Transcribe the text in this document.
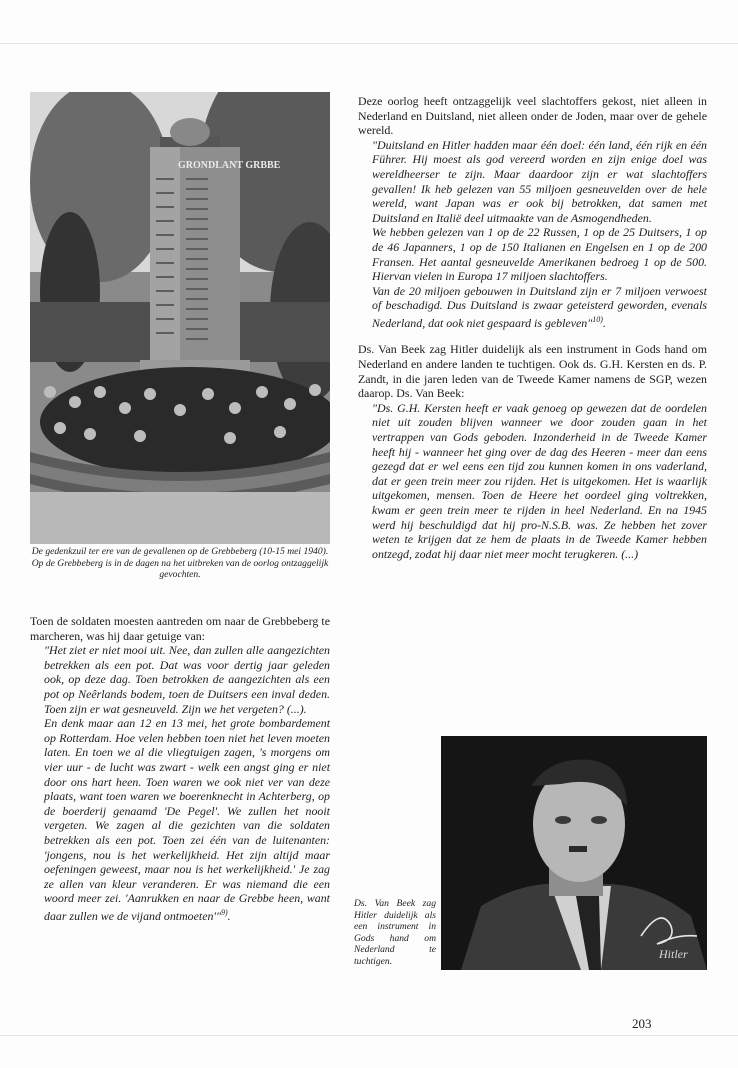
GRONDLANT GRBBE
De gedenkzuil ter ere van de gevallenen op de Grebbeberg (10-15 mei 1940). Op de Grebbeberg is in de dagen na het uitbreken van de oorlog ontzaggelijk gevochten.

Toen de soldaten moesten aantreden om naar de Grebbeberg te marcheren, was hij daar getuige van:

"Het ziet er niet mooi uit. Nee, dan zullen alle aangezichten betrekken als een pot. Dat was voor dertig jaar geleden ook, op deze dag. Toen betrokken de aangezichten als een pot op Neêrlands bodem, toen de Duitsers een inval deden. Toen zijn er wat gesneuveld. Zijn we het vergeten? (...).

En denk maar aan 12 en 13 mei, het grote bombardement op Rotterdam. Hoe velen hebben toen niet het leven moeten laten. En toen we al die vliegtuigen zagen, 's morgens om vier uur - de lucht was zwart - welk een angst ging er niet door ons hart heen. Toen waren we ook niet ver van deze plaats, want toen waren we boerenknecht in Achterberg, op de boerderij genaamd 'De Pegel'. We zullen het nooit vergeten. We zagen al die gezichten van die soldaten betrekken als een pot. Toen zei één van de luitenanten: 'jongens, nou is het werkelijkheid. Het zijn altijd maar oefeningen geweest, maar nou is het werkelijkheid.' Je zag ze allen van kleur veranderen. Er was niemand die een woord meer zei. 'Aanrukken en naar de Grebbe heen, want daar zullen we de vijand ontmoeten'"$^{9)}$.

Deze oorlog heeft ontzaggelijk veel slachtoffers gekost, niet alleen in Nederland en Duitsland, niet alleen onder de Joden, maar over de gehele wereld.

"Duitsland en Hitler hadden maar één doel: één land, één rijk en één Führer. Hij moest als god vereerd worden en zijn enige doel was wereldheerser te zijn. Maar daardoor zijn er wat slachtoffers gevallen! Ik heb gelezen van 55 miljoen gesneuvelden over de hele wereld, want Japan was er ook bij betrokken, dat samen met Duitsland en Italië deel uitmaakte van de Asmogendheden.

We hebben gelezen van 1 op de 22 Russen, 1 op de 25 Duitsers, 1 op de 46 Japanners, 1 op de 150 Italianen en Engelsen en 1 op de 200 Fransen. Het aantal gesneuvelde Amerikanen bedroeg 1 op de 500. Hiervan vielen in Europa 17 miljoen slachtoffers.

Van de 20 miljoen gebouwen in Duitsland zijn er 7 miljoen verwoest of beschadigd. Dus Duitsland is zwaar geteisterd geworden, evenals Nederland, dat ook niet gespaard is gebleven"$^{10)}$.

Ds. Van Beek zag Hitler duidelijk als een instrument in Gods hand om Nederland en andere landen te tuchtigen. Ook ds. G.H. Kersten en ds. P. Zandt, in die jaren leden van de Tweede Kamer namens de SGP, wezen daarop. Ds. Van Beek:

"Ds. G.H. Kersten heeft er vaak genoeg op gewezen dat de oordelen niet uit zouden blijven wanneer we door zouden gaan in het vertrappen van Gods geboden. Inzonderheid in de Tweede Kamer heeft hij - wanneer het ging over de dag des Heeren - meer dan eens gezegd dat er wel eens een tijd zou kunnen komen in ons vaderland, dat er geen trein meer zou rijden. Het is uitgekomen. Het is waarlijk uitgekomen, mensen. Toen de Heere het oordeel ging voltrekken, kwam er geen trein meer te rijden in heel Nederland. En na 1945 werd hij beschuldigd dat hij pro-N.S.B. was. Ze hebben het zover weten te krijgen dat ze hem de plaats in de Tweede Kamer hebben ontzegd, zodat hij daar niet meer mocht terugkeren. (...)

Hitler
Ds. Van Beek zag Hitler duidelijk als een instrument in Gods hand om Nederland te tuchtigen.
203
